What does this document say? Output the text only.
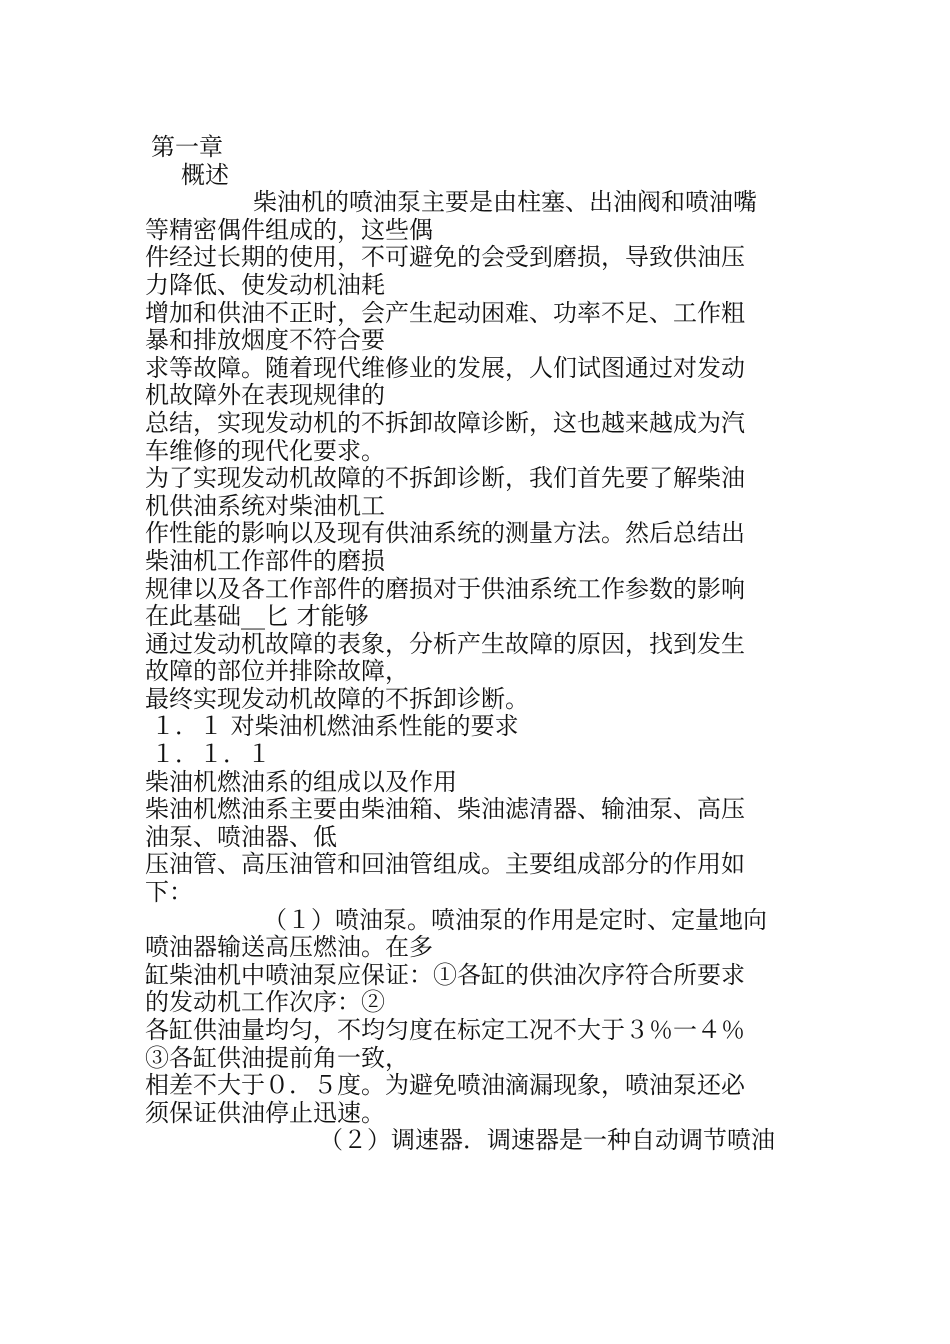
第一章

概述

柴油机的喷油泵主要是由柱塞、出油阀和喷油嘴

等精密偶件组成的，这些偶

件经过长期的使用，不可避免的会受到磨损，导致供油压

力降低、使发动机油耗

增加和供油不正时，会产生起动困难、功率不足、工作粗

暴和排放烟度不符合要

求等故障。随着现代维修业的发展，人们试图通过对发动

机故障外在表现规律的

总结，实现发动机的不拆卸故障诊断，这也越来越成为汽

车维修的现代化要求。

为了实现发动机故障的不拆卸诊断，我们首先要了解柴油

机供油系统对柴油机工

作性能的影响以及现有供油系统的测量方法。然后总结出

柴油机工作部件的磨损

规律以及各工作部件的磨损对于供油系统工作参数的影响

在此基础__匕 才能够

通过发动机故障的表象，分析产生故障的原因，找到发生

故障的部位并排除故障，

最终实现发动机故障的不拆卸诊断。

１．１ 对柴油机燃油系性能的要求

１．１．１

柴油机燃油系的组成以及作用

柴油机燃油系主要由柴油箱、柴油滤清器、输油泵、高压

油泵、喷油器、低

压油管、高压油管和回油管组成。主要组成部分的作用如

下：

（１）喷油泵。喷油泵的作用是定时、定量地向

喷油器输送高压燃油。在多

缸柴油机中喷油泵应保证：①各缸的供油次序符合所要求

的发动机工作次序：②

各缸供油量均匀，不均匀度在标定工况不大于３％一４％

③各缸供油提前角一致，

相差不大于０．５度。为避免喷油滴漏现象，喷油泵还必

须保证供油停止迅速。

（２）调速器．调速器是一种自动调节喷油
